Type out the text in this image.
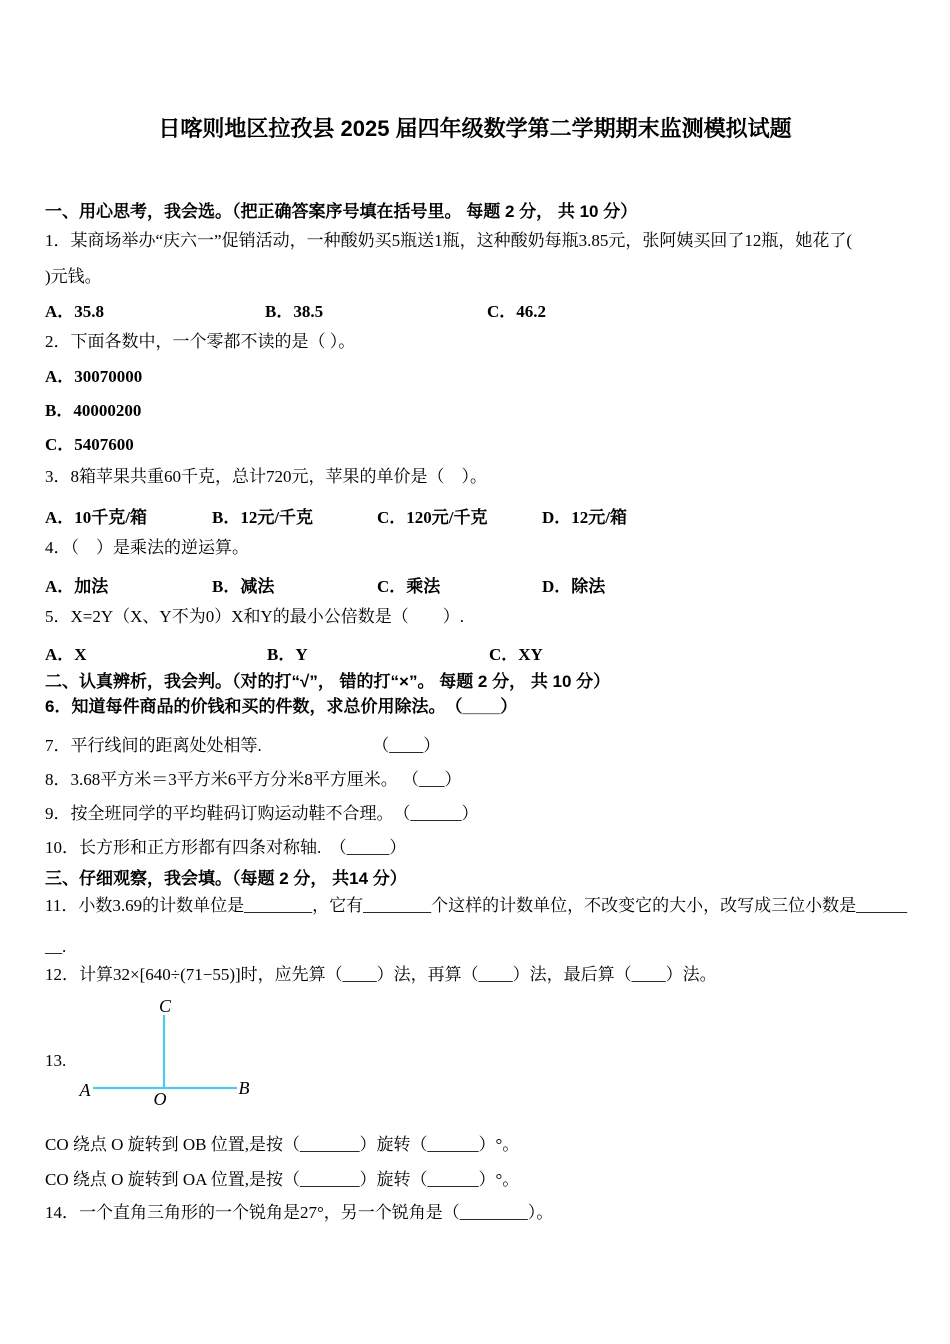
日喀则地区拉孜县 2025 届四年级数学第二学期期末监测模拟试题
一、用心思考，我会选。（把正确答案序号填在括号里。 每题 2 分， 共 10 分）
1．某商场举办“庆六一”促销活动，一种酸奶买5瓶送1瓶，这种酸奶每瓶3.85元，张阿姨买回了12瓶，她花了(
)元钱。
A．35.8	B．38.5	C．46.2
2．下面各数中，一个零都不读的是（ ）。
A．30070000
B．40000200
C．5407600
3．8箱苹果共重60千克，总计720元，苹果的单价是（　）。
A．10千克/箱	B．12元/千克	C．120元/千克	D．12元/箱
4．（　）是乘法的逆运算。
A．加法	B．减法	C．乘法	D．除法
5．X=2Y（X、Y不为0）X和Y的最小公倍数是（　　）.
A．X	B．Y	C．XY
二、认真辨析，我会判。（对的打“√”， 错的打“×”。 每题 2 分， 共 10 分）
6．知道每件商品的价钱和买的件数，求总价用除法。　（____）
7．平行线间的距离处处相等.　　　　　　　（____）
8．3.68平方米＝3平方米6平方分米8平方厘米。 （___）
9．按全班同学的平均鞋码订购运动鞋不合理。　（______）
10．长方形和正方形都有四条对称轴.　（_____）
三、仔细观察，我会填。（每题 2 分， 共14 分）
11．小数3.69的计数单位是________，它有________个这样的计数单位，不改变它的大小，改写成三位小数是______
__.
12．计算32×[640÷(71−55)]时，应先算（____）法，再算（____）法，最后算（____）法。
13.
C
A	B
O
CO 绕点 O 旋转到 OB 位置,是按（_______）旋转（______）°。
CO 绕点 O 旋转到 OA 位置,是按（_______）旋转（______）°。
14．一个直角三角形的一个锐角是27°，另一个锐角是（________）。
